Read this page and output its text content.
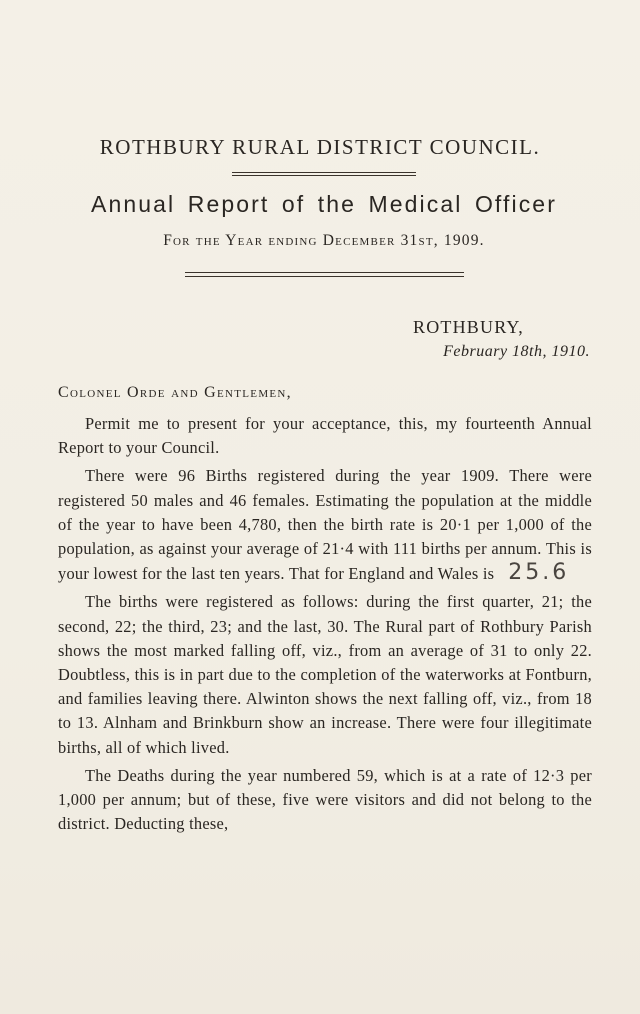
ROTHBURY RURAL DISTRICT COUNCIL.
Annual Report of the Medical Officer
For the Year ending December 31st, 1909.
ROTHBURY,
February 18th, 1910.
Colonel Orde and Gentlemen,

Permit me to present for your acceptance, this, my fourteenth Annual Report to your Council.

There were 96 Births registered during the year 1909. There were registered 50 males and 46 females. Estimating the population at the middle of the year to have been 4,780, then the birth rate is 20·1 per 1,000 of the population, as against your average of 21·4 with 111 births per annum. This is your lowest for the last ten years. That for England and Wales is 25.6

The births were registered as follows: during the first quarter, 21; the second, 22; the third, 23; and the last, 30. The Rural part of Rothbury Parish shows the most marked falling off, viz., from an average of 31 to only 22. Doubtless, this is in part due to the completion of the waterworks at Fontburn, and families leaving there. Alwinton shows the next falling off, viz., from 18 to 13. Alnham and Brinkburn show an increase. There were four illegitimate births, all of which lived.

The Deaths during the year numbered 59, which is at a rate of 12·3 per 1,000 per annum; but of these, five were visitors and did not belong to the district. Deducting these,
